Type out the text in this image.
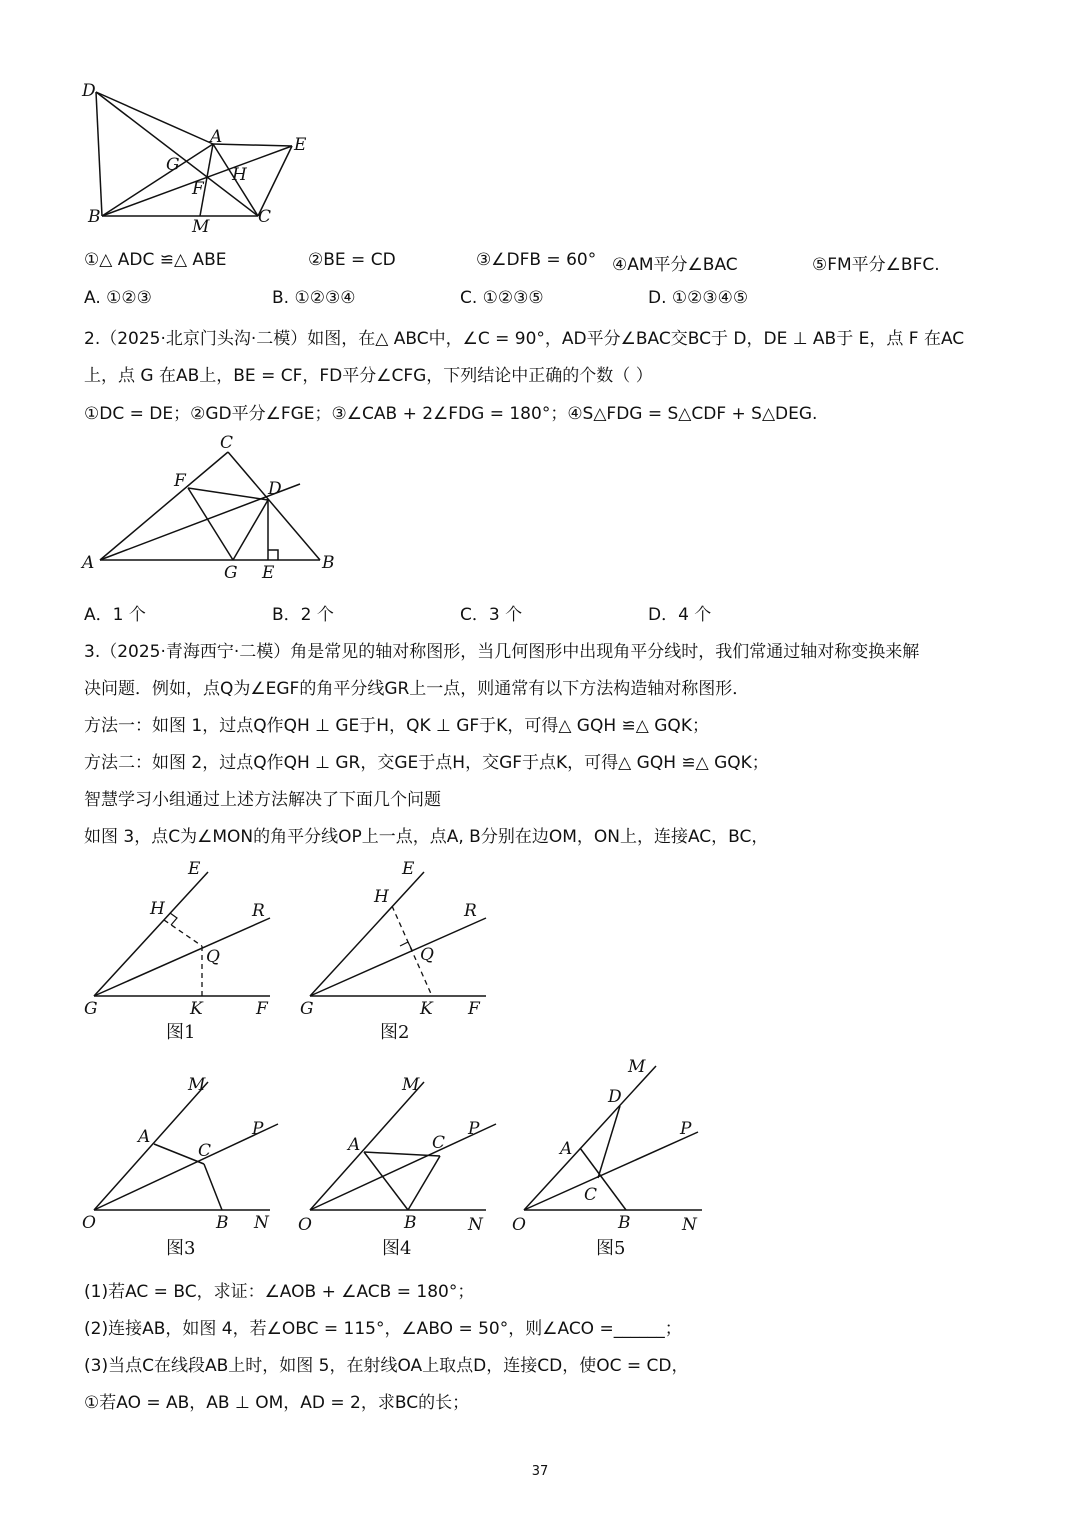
D
A	E
G	H
F
B	M	C
①△ ADC ≌△ ABE	②BE = CD	③∠DFB = 60° ④AM平分∠BAC	⑤FM平分∠BFC.
A. ①②③	B. ①②③④	C. ①②③⑤	D. ①②③④⑤
2.（2025·北京门头沟·二模）如图，在△ ABC中，∠C = 90°，AD平分∠BAC交BC于 D，DE ⊥ AB于 E，点 F 在AC
上，点 G 在AB上，BE = CF，FD平分∠CFG，下列结论中正确的个数（ ）
①DC = DE；②GD平分∠FGE；③∠CAB + 2∠FDG = 180°；④S△FDG = S△CDF + S△DEG.
C
F	D
A	G E	B
A．1 个	B．2 个	C．3 个	D．4 个
3.（2025·青海西宁·二模）角是常见的轴对称图形，当几何图形中出现角平分线时，我们常通过轴对称变换来解
决问题．例如，点Q为∠EGF的角平分线GR上一点，则通常有以下方法构造轴对称图形．
方法一：如图 1，过点Q作QH ⊥ GE于H，QK ⊥ GF于K，可得△ GQH ≌△ GQK；
方法二：如图 2，过点Q作QH ⊥ GR，交GE于点H，交GF于点K，可得△ GQH ≌△ GQK；
智慧学习小组通过上述方法解决了下面几个问题
如图 3，点C为∠MON的角平分线OP上一点，点A, B分别在边OM，ON上，连接AC，BC，
E
H	R
Q
G	K	F
图1
E
H
R
Q
G	K F
图2
M
A
C
P
O	B N
图3
M
A	C
P
O	B	N
图4
M
D
A
P
C
O	B	N
图5
(1)若AC = BC，求证：∠AOB + ∠ACB = 180°；
(2)连接AB，如图 4，若∠OBC = 115°，∠ABO = 50°，则∠ACO =______；
(3)当点C在线段AB上时，如图 5，在射线OA上取点D，连接CD，使OC = CD，
①若AO = AB，AB ⊥ OM，AD = 2，求BC的长；
37
